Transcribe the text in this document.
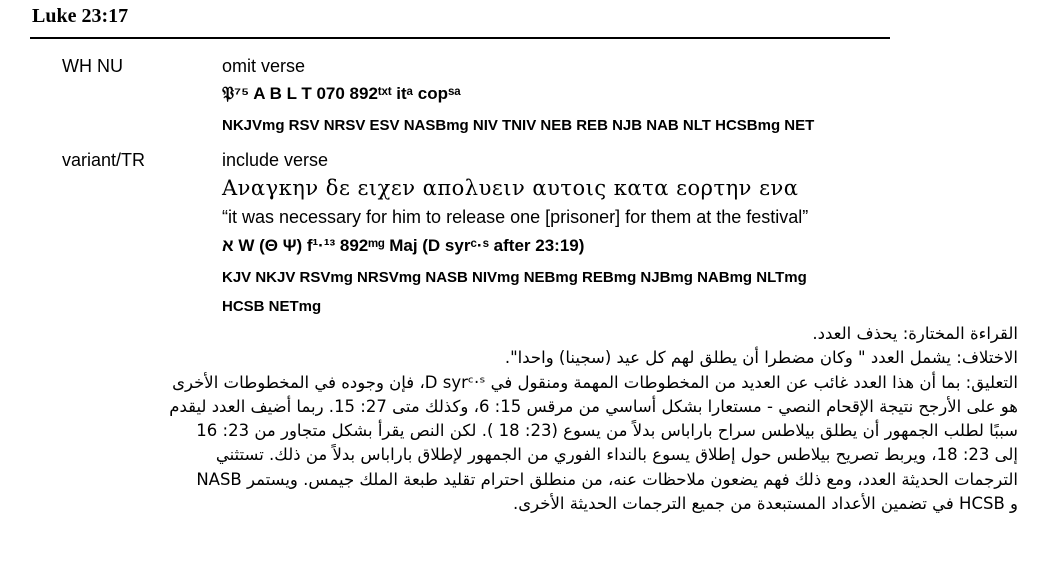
Luke 23:17
WH NU	omit verse
𝔓⁷⁵ A B L T 070 892ᵗˣᵗ itᵃ copˢᵃ
NKJVmg RSV NRSV ESV NASBmg NIV TNIV NEB REB NJB NAB NLT HCSBmg NET
variant/TR	include verse
Αναγκην δε ειχεν απολυειν αυτοις κατα εορτην ενα
“it was necessary for him to release one [prisoner] for them at the festival”
א W (Θ Ψ) f¹·¹³ 892ᵐᵍ Maj (D syrᶜ·ˢ after 23:19)
KJV NKJV RSVmg NRSVmg NASB NIVmg NEBmg REBmg NJBmg NABmg NLTmg
HCSB NETmg

القراءة المختارة: يحذف العدد.

الاختلاف: يشمل العدد " وكان مضطرا أن يطلق لهم كل عيد (سجينا) واحدا".

التعليق: بما أن هذا العدد غائب عن العديد من المخطوطات المهمة ومنقول في D syrᶜ·ˢ، فإن وجوده في المخطوطات الأخرى

هو على الأرجح نتيجة الإقحام النصي - مستعارا بشكل أساسي من مرقس 15: 6، وكذلك متى 27: 15. ربما أضيف العدد ليقدم

سببًا لطلب الجمهور أن يطلق بيلاطس سراح باراباس بدلاً من يسوع (23: 18 ). لكن النص يقرأ بشكل متجاور من 23: 16

إلى 23: 18، ويربط تصريح بيلاطس حول إطلاق يسوع بالنداء الفوري من الجمهور لإطلاق باراباس بدلاً من ذلك. تستثني

الترجمات الحديثة العدد، ومع ذلك فهم يضعون ملاحظات عنه، من منطلق احترام تقليد طبعة الملك جيمس. ويستمر NASB

و HCSB في تضمين الأعداد المستبعدة من جميع الترجمات الحديثة الأخرى.
